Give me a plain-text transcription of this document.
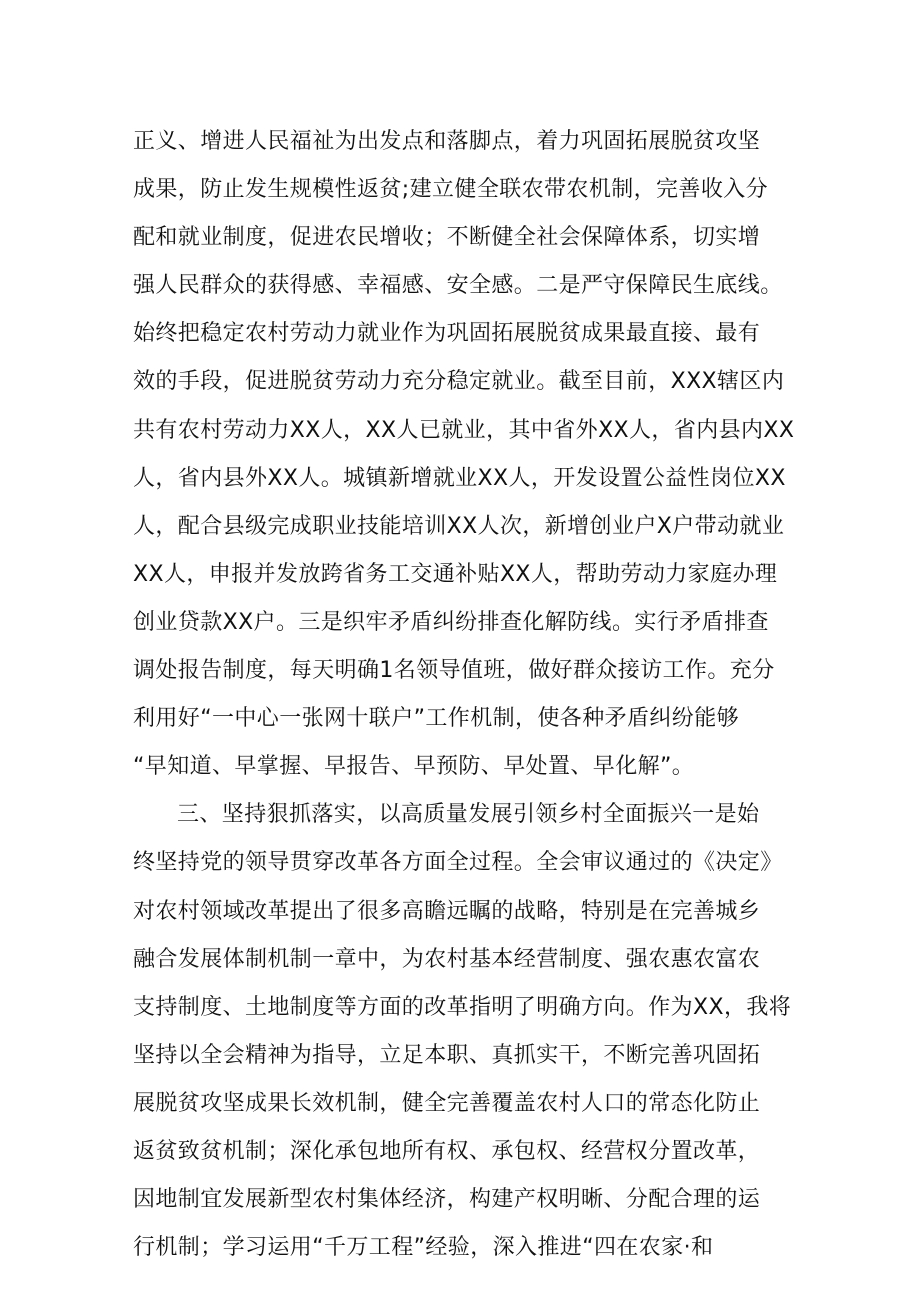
正义、增进人民福祉为出发点和落脚点，着力巩固拓展脱贫攻坚
成果，防止发生规模性返贫;建立健全联农带农机制，完善收入分
配和就业制度，促进农民增收；不断健全社会保障体系，切实增
强人民群众的获得感、幸福感、安全感。二是严守保障民生底线。
始终把稳定农村劳动力就业作为巩固拓展脱贫成果最直接、最有
效的手段，促进脱贫劳动力充分稳定就业。截至目前，XXX辖区内
共有农村劳动力XX人，XX人已就业，其中省外XX人，省内县内XX
人，省内县外XX人。城镇新增就业XX人，开发设置公益性岗位XX
人，配合县级完成职业技能培训XX人次，新增创业户X户带动就业
XX人，申报并发放跨省务工交通补贴XX人，帮助劳动力家庭办理
创业贷款XX户。三是织牢矛盾纠纷排查化解防线。实行矛盾排查
调处报告制度，每天明确1名领导值班，做好群众接访工作。充分
利用好“一中心一张网十联户”工作机制，使各种矛盾纠纷能够
“早知道、早掌握、早报告、早预防、早处置、早化解”。
三、坚持狠抓落实，以高质量发展引领乡村全面振兴一是始
终坚持党的领导贯穿改革各方面全过程。全会审议通过的《决定》
对农村领域改革提出了很多高瞻远瞩的战略，特别是在完善城乡
融合发展体制机制一章中，为农村基本经营制度、强农惠农富农
支持制度、土地制度等方面的改革指明了明确方向。作为XX，我将
坚持以全会精神为指导，立足本职、真抓实干，不断完善巩固拓
展脱贫攻坚成果长效机制，健全完善覆盖农村人口的常态化防止
返贫致贫机制；深化承包地所有权、承包权、经营权分置改革，
因地制宜发展新型农村集体经济，构建产权明晰、分配合理的运
行机制；学习运用“千万工程”经验，深入推进“四在农家·和
